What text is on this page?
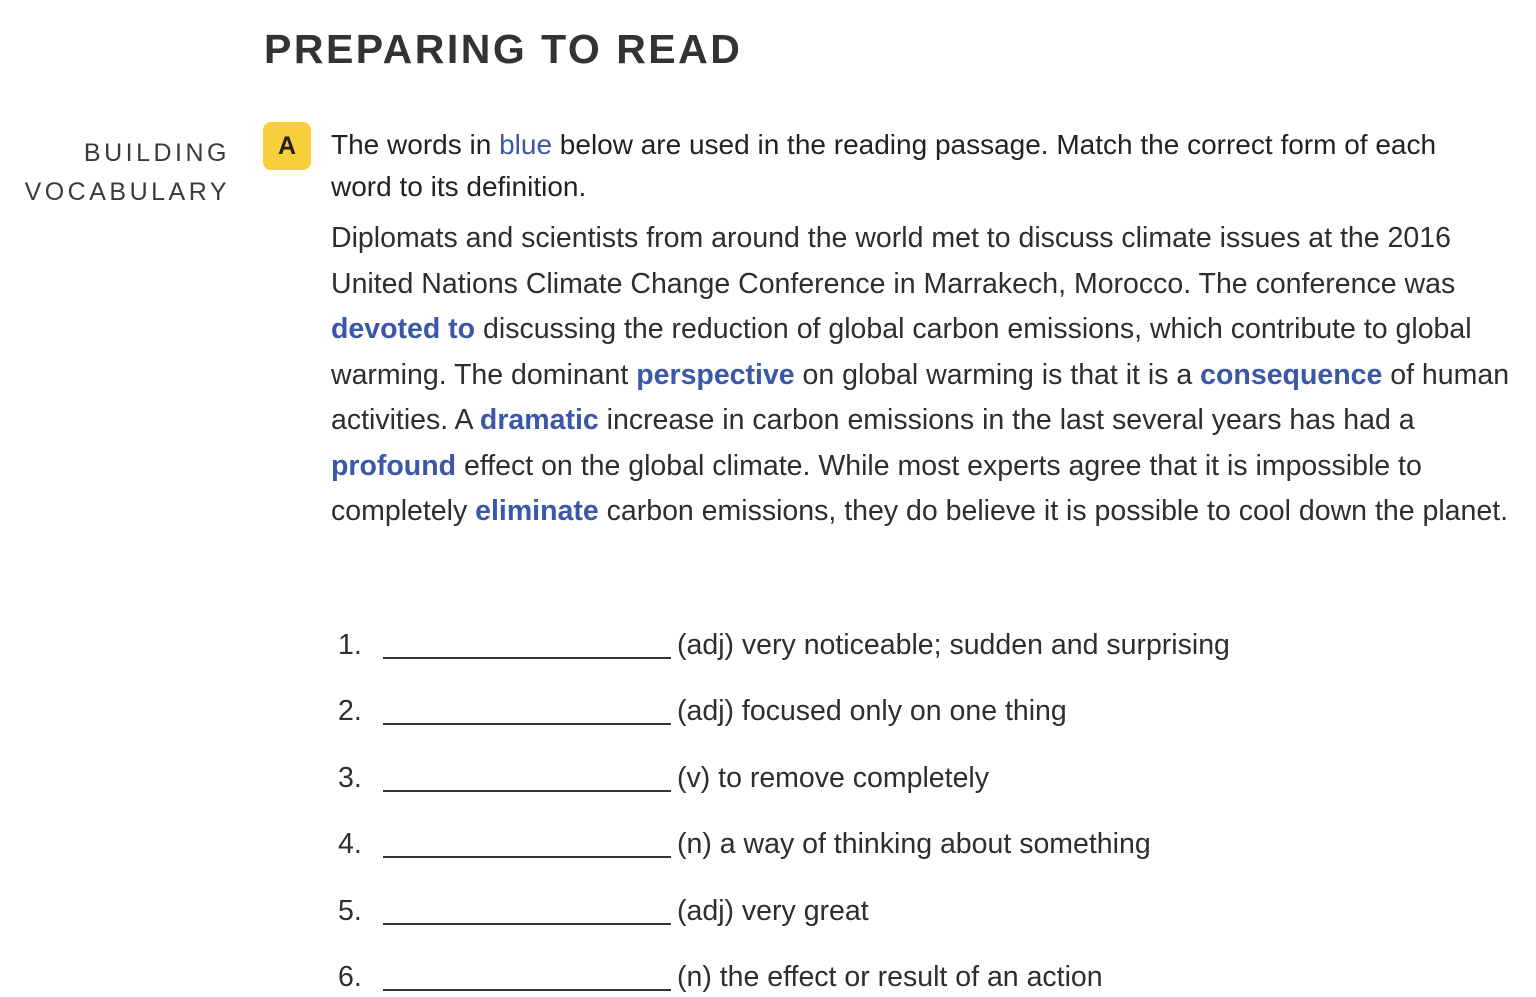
PREPARING TO READ
BUILDING
VOCABULARY
A	The words in blue below are used in the reading passage. Match the correct form of each word to its definition.
Diplomats and scientists from around the world met to discuss climate issues at the 2016 United Nations Climate Change Conference in Marrakech, Morocco. The conference was devoted to discussing the reduction of global carbon emissions, which contribute to global warming. The dominant perspective on global warming is that it is a consequence of human activities. A dramatic increase in carbon emissions in the last several years has had a profound effect on the global climate. While most experts agree that it is impossible to completely eliminate carbon emissions, they do believe it is possible to cool down the planet.
1.	(adj) very noticeable; sudden and surprising
2.	(adj) focused only on one thing
3.	(v) to remove completely
4.	(n) a way of thinking about something
5.	(adj) very great
6.	(n) the effect or result of an action
